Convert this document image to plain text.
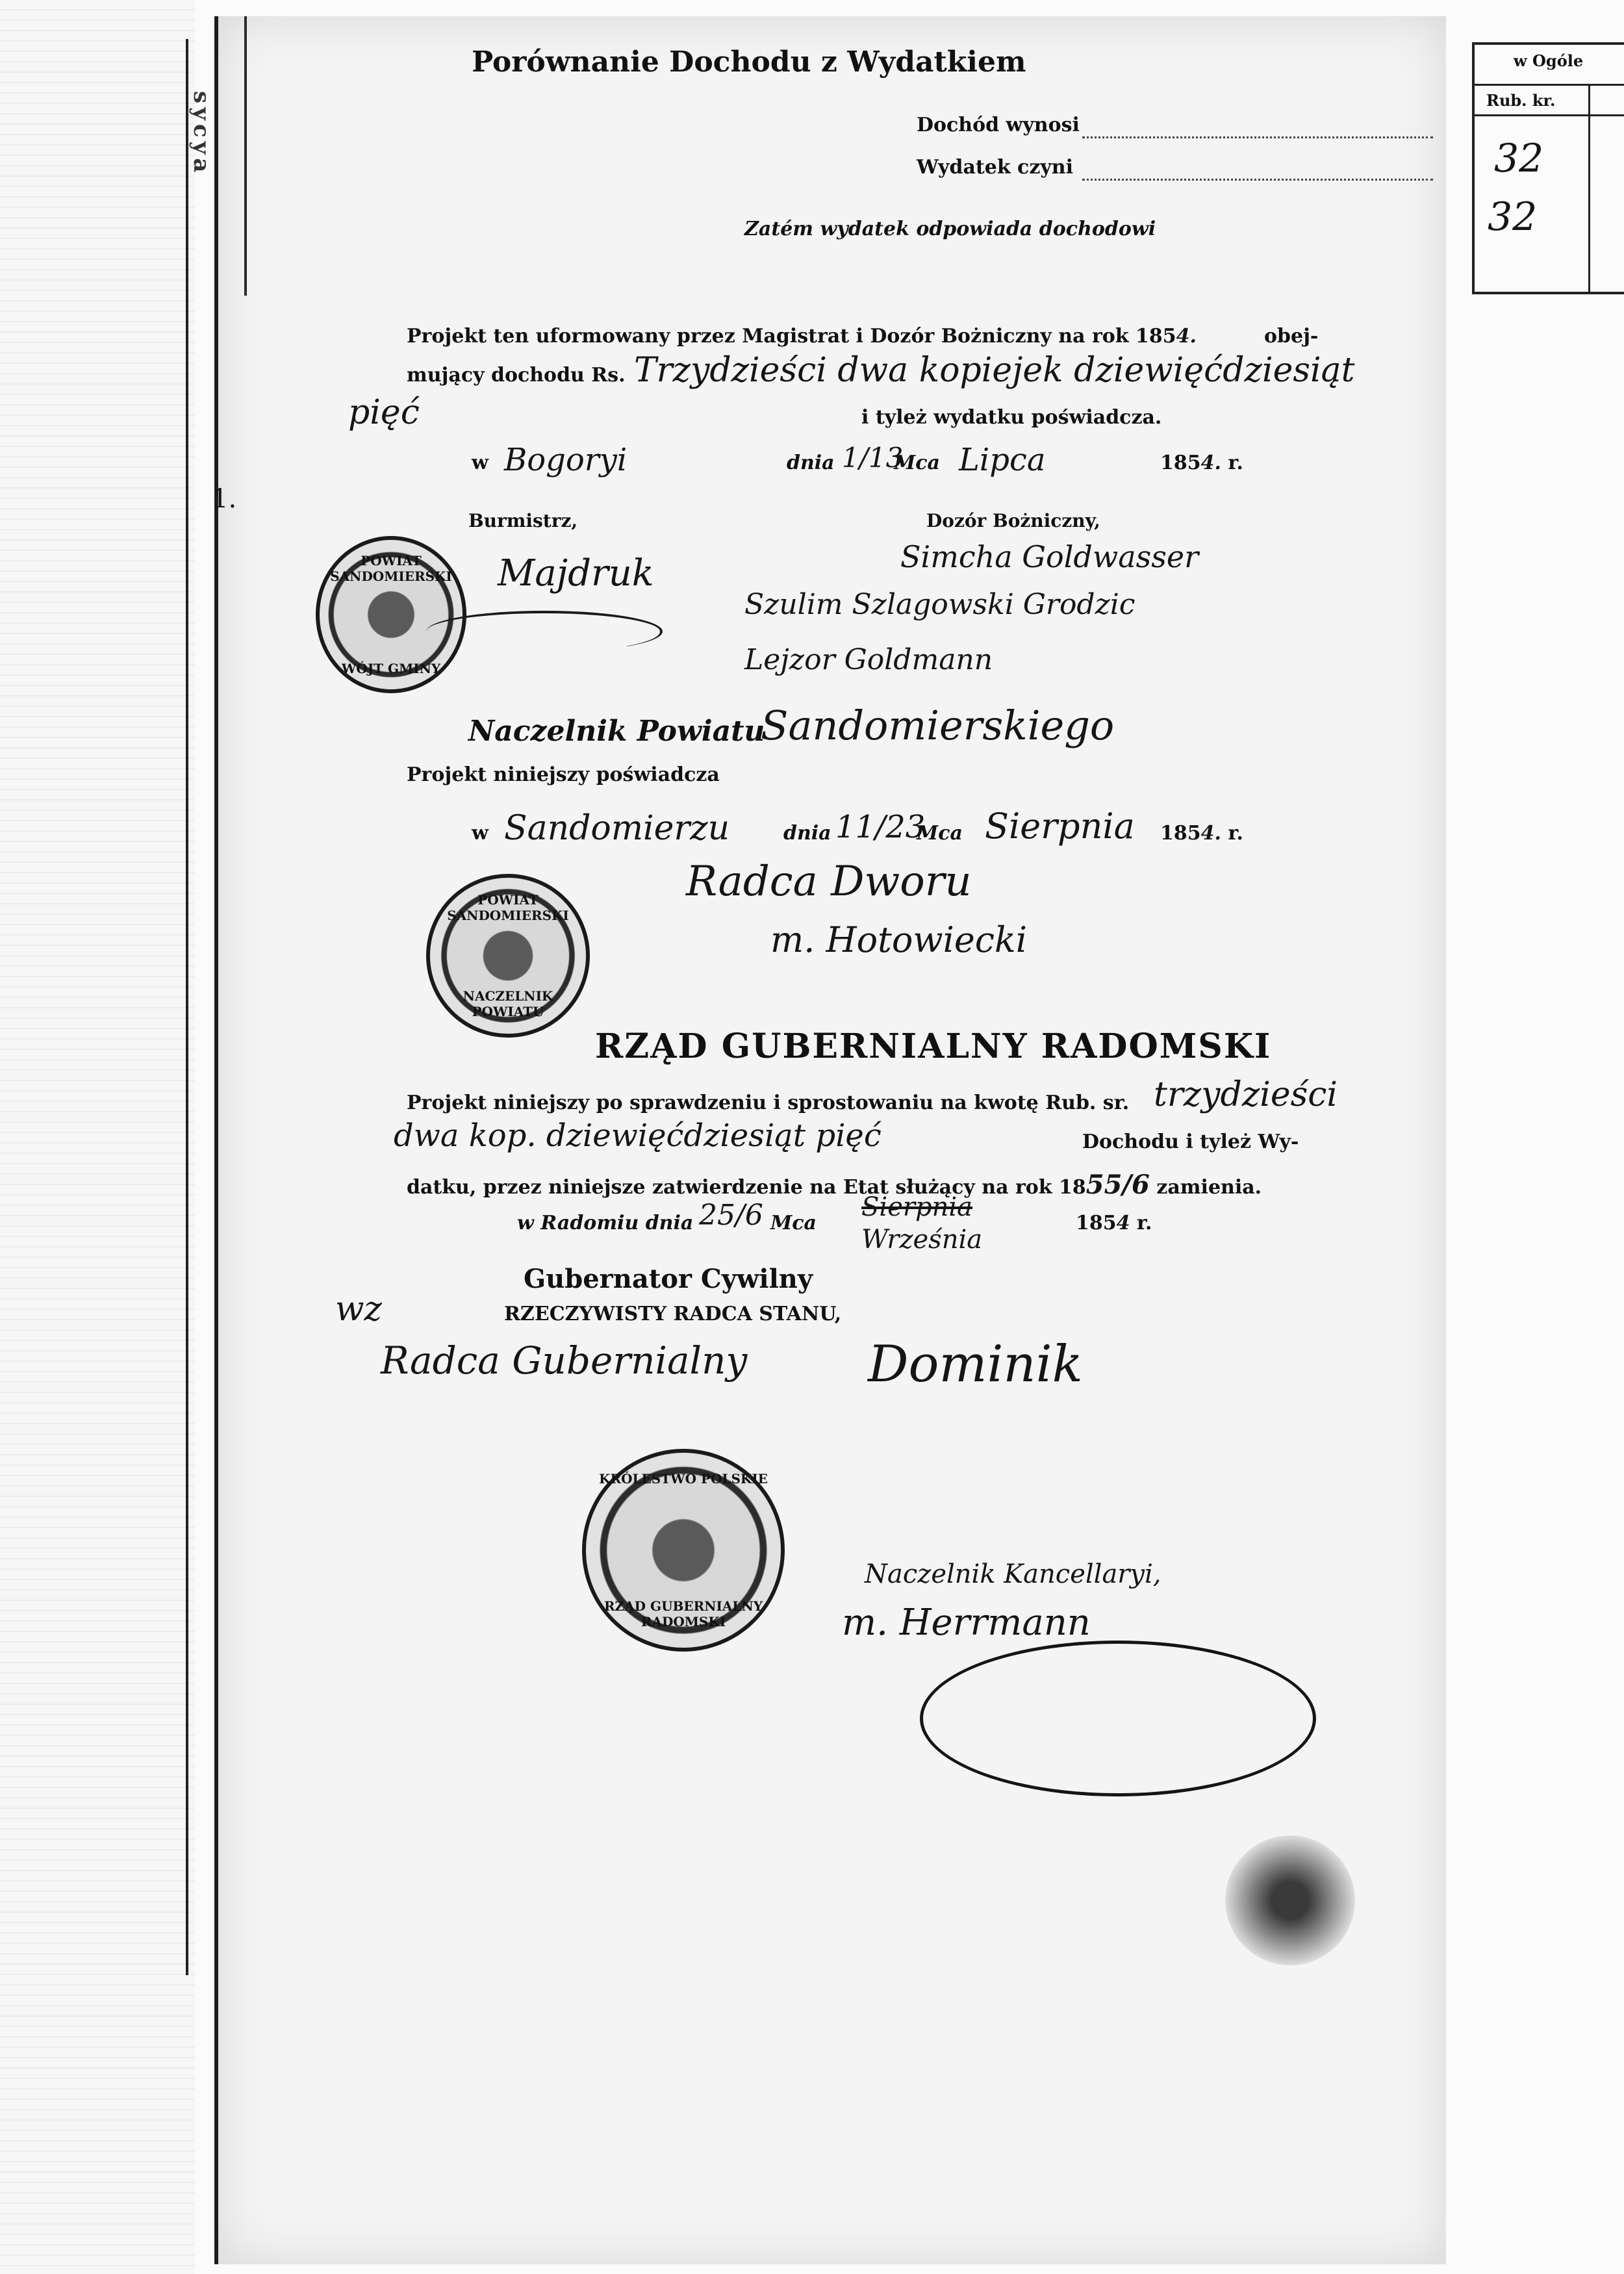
sycya
w Ogóle
Rub. kr.
32
32
Porównanie Dochodu z Wydatkiem
Dochód wynosi
Wydatek czyni
Zatém wydatek odpowiada dochodowi
Projekt ten uformowany przez Magistrat i Dozór Bożniczny na rok 1854.	obej-
mujący dochodu Rs. Trzydzieści dwa kopiejek dziewięćdziesiąt
pięć	i tyleż wydatku poświadcza.
w Bogoryi	dnia 1/13
Mca Lipca	1854. r.
1.
Burmistrz,	Dozór Bożniczny,
POWIAT SANDOMIERSKI
WÓJT GMINY
Majdruk	Simcha Goldwasser
Szulim Szlagowski Grodzic
Lejzor Goldmann
Naczelnik Powiatu
Sandomierskiego
Projekt niniejszy poświadcza
w Sandomierzu	dnia 11/23
Mca Sierpnia 1854. r.
Radca Dworu
m. Hotowiecki
POWIAT SANDOMIERSKI
NACZELNIK POWIATU
RZĄD GUBERNIALNY RADOMSKI
Projekt niniejszy po sprawdzeniu i sprostowaniu na kwotę Rub. sr. trzydzieści
dwa kop. dziewięćdziesiąt pięć	Dochodu i tyleż Wy-
datku, przez niniejsze zatwierdzenie na Etat służący na rok 1855/6 zamienia.
w Radomiu dnia 25/6 Mca
Sierpnia
Września
1854 r.
Gubernator Cywilny
RZECZYWISTY RADCA STANU,
wz
Radca Gubernialny Dominik
KRÓLESTWO POLSKIE
RZĄD GUBERNIALNY RADOMSKI
Naczelnik Kancellaryi,
m. Herrmann
